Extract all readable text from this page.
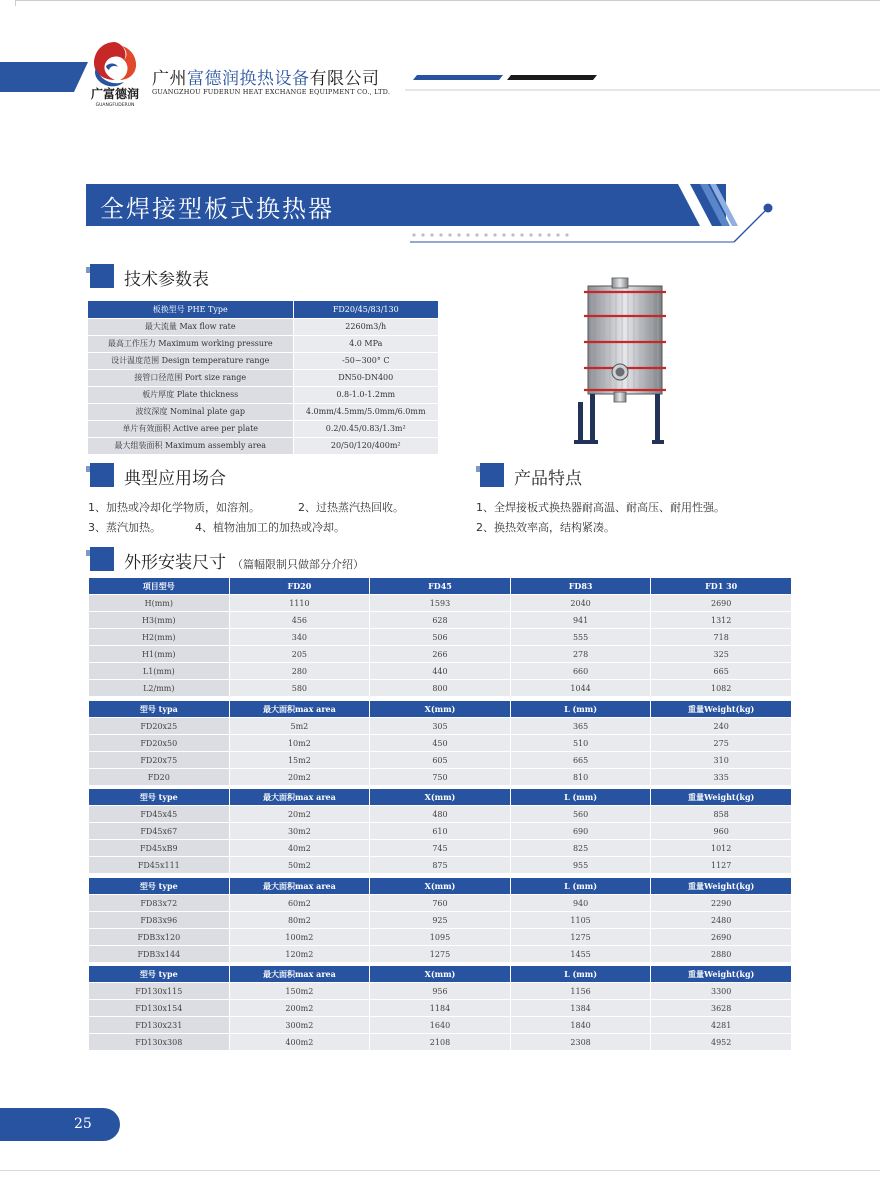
广富德润
GUANGFUDERUN
广州富德润换热设备有限公司
GUANGZHOU FUDERUN HEAT EXCHANGE EQUIPMENT CO., LTD.
全焊接型板式换热器
技术参数表
板换型号 PHE Type	FD20/45/83/130
最大流量 Max flow rate	2260m3/h
最高工作压力 Maximum working pressure	4.0 MPa
设计温度范围 Design temperature range	-50~300° C
接管口径范围 Port size range	DN50-DN400
板片厚度 Plate thickness	0.8-1.0-1.2mm
波纹深度 Nominal plate gap	4.0mm/4.5mm/5.0mm/6.0mm
单片有效面积 Active aree per plate	0.2/0.45/0.83/1.3m²
最大组装面积 Maximum assembly area	20/50/120/400m²
典型应用场合	产品特点
1、加热或冷却化学物质，如溶剂。	2、过热蒸汽热回收。
3、蒸汽加热。	4、植物油加工的加热或冷却。
1、全焊接板式换热器耐高温、耐高压、耐用性强。
2、换热效率高，结构紧凑。
外形安装尺寸 （篇幅限制只做部分介绍）
项目型号	FD20	FD45	FD83	FD1 30
H(mm)	1110	1593	2040	2690
H3(mm)	456	628	941	1312
H2(mm)	340	506	555	718
H1(mm)	205	266	278	325
L1(mm)	280	440	660	665
L2/mm)	580	800	1044	1082
型号 typa	最大面积max area	X(mm)	L (mm)	重量Weight(kg)
FD20x25	5m2	305	365	240
FD20x50	10m2	450	510	275
FD20x75	15m2	605	665	310
FD20	20m2	750	810	335
型号 type	最大面积max area	X(mm)	L (mm)	重量Weight(kg)
FD45x45	20m2	480	560	858
FD45x67	30m2	610	690	960
FD45xB9	40m2	745	825	1012
FD45x111	50m2	875	955	1127
型号 type	最大面积max area	X(mm)	L (mm)	重量Weight(kg)
FD83x72	60m2	760	940	2290
FD83x96	80m2	925	1105	2480
FDB3x120	100m2	1095	1275	2690
FDB3x144	120m2	1275	1455	2880
型号 type	最大面积max area	X(mm)	L (mm)	重量Weight(kg)
FD130x115	150m2	956	1156	3300
FD130x154	200m2	1184	1384	3628
FD130x231	300m2	1640	1840	4281
FD130x308	400m2	2108	2308	4952
25
